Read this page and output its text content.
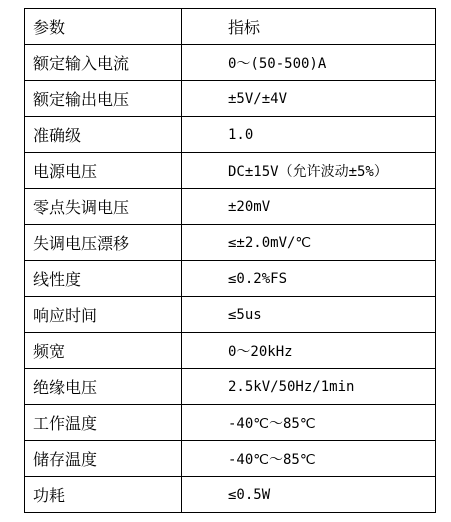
参数	指标
额定输入电流	0～(50-500)A
额定输出电压	±5V/±4V
准确级	1.0
电源电压	DC±15V（允许波动±5%）
零点失调电压	±20mV
失调电压漂移	≤±2.0mV/℃
线性度	≤0.2%FS
响应时间	≤5us
频宽	0～20kHz
绝缘电压	2.5kV/50Hz/1min
工作温度	-40℃～85℃
储存温度	-40℃～85℃
功耗	≤0.5W
